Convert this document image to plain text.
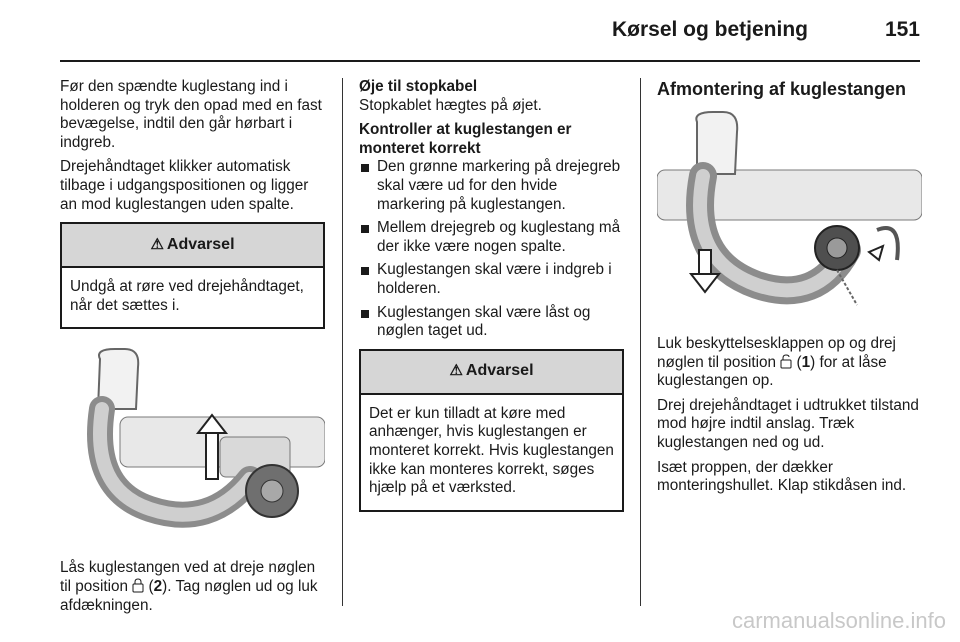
Kørsel og betjening	151

Før den spændte kuglestang ind i holderen og tryk den opad med en fast bevægelse, indtil den går hørbart i indgreb.

Drejehåndtaget klikker automatisk tilbage i udgangspositionen og ligger an mod kuglestangen uden spalte.

⚠ Advarsel
Undgå at røre ved drejehåndtaget, når det sættes i.

Lås kuglestangen ved at dreje nøglen til position  (2). Tag nøglen ud og luk afdækningen.

Øje til stopkabel

Stopkablet hægtes på øjet.

Kontroller at kuglestangen er monteret korrekt

Den grønne markering på drejegreb skal være ud for den hvide markering på kuglestangen.
Mellem drejegreb og kuglestang må der ikke være nogen spalte.
Kuglestangen skal være i indgreb i holderen.
Kuglestangen skal være låst og nøglen taget ud.
⚠ Advarsel
Det er kun tilladt at køre med anhænger, hvis kuglestangen er monteret korrekt. Hvis kuglestangen ikke kan monteres korrekt, søges hjælp på et værksted.

Afmontering af kuglestangen

Luk beskyttelsesklappen op og drej nøglen til position  (1) for at låse kuglestangen op.

Drej drejehåndtaget i udtrukket tilstand mod højre indtil anslag. Træk kuglestangen ned og ud.

Isæt proppen, der dækker monteringshullet. Klap stikdåsen ind.

carmanualsonline.info
